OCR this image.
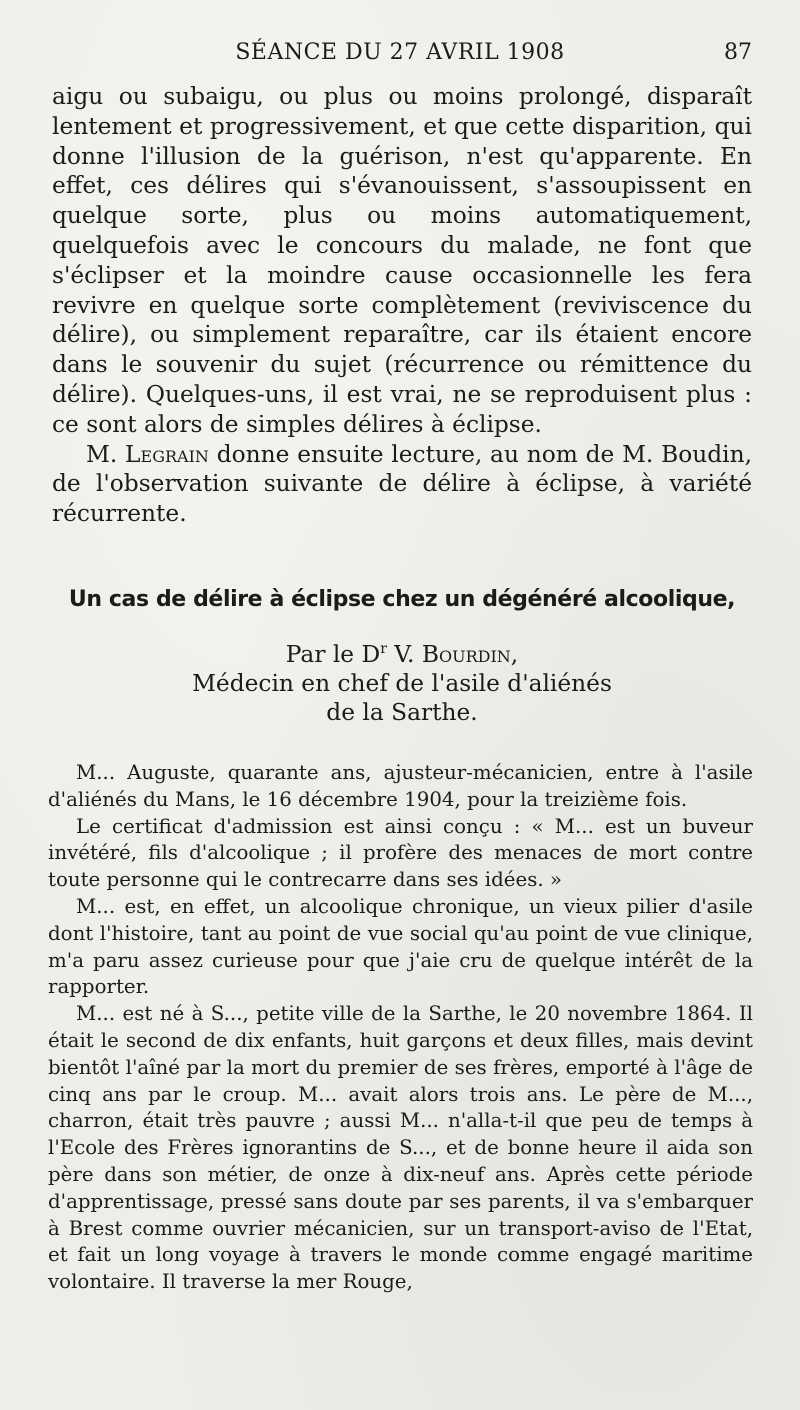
SÉANCE DU 27 AVRIL 1908	87

aigu ou subaigu, ou plus ou moins prolongé, disparaît lentement et progressivement, et que cette disparition, qui donne l'illusion de la guérison, n'est qu'apparente. En effet, ces délires qui s'évanouissent, s'assoupissent en quelque sorte, plus ou moins automatiquement, quelquefois avec le concours du malade, ne font que s'éclipser et la moindre cause occasionnelle les fera revivre en quelque sorte complètement (reviviscence du délire), ou simplement reparaître, car ils étaient encore dans le souvenir du sujet (récurrence ou rémittence du délire). Quelques-uns, il est vrai, ne se reproduisent plus : ce sont alors de simples délires à éclipse.

M. Legrain donne ensuite lecture, au nom de M. Boudin, de l'observation suivante de délire à éclipse, à variété récurrente.

Un cas de délire à éclipse chez un dégénéré alcoolique,
Par le $D^r$ V. Bourdin,
Médecin en chef de l'asile d'aliénés
de la Sarthe.

M... Auguste, quarante ans, ajusteur-mécanicien, entre à l'asile d'aliénés du Mans, le 16 décembre 1904, pour la treizième fois.

Le certificat d'admission est ainsi conçu : « M... est un buveur invétéré, fils d'alcoolique ; il profère des menaces de mort contre toute personne qui le contrecarre dans ses idées. »

M... est, en effet, un alcoolique chronique, un vieux pilier d'asile dont l'histoire, tant au point de vue social qu'au point de vue clinique, m'a paru assez curieuse pour que j'aie cru de quelque intérêt de la rapporter.

M... est né à S..., petite ville de la Sarthe, le 20 novembre 1864. Il était le second de dix enfants, huit garçons et deux filles, mais devint bientôt l'aîné par la mort du premier de ses frères, emporté à l'âge de cinq ans par le croup. M... avait alors trois ans. Le père de M..., charron, était très pauvre ; aussi M... n'alla-t-il que peu de temps à l'Ecole des Frères ignorantins de S..., et de bonne heure il aida son père dans son métier, de onze à dix-neuf ans. Après cette période d'apprentissage, pressé sans doute par ses parents, il va s'embarquer à Brest comme ouvrier mécanicien, sur un transport-aviso de l'Etat, et fait un long voyage à travers le monde comme engagé maritime volontaire. Il traverse la mer Rouge,
